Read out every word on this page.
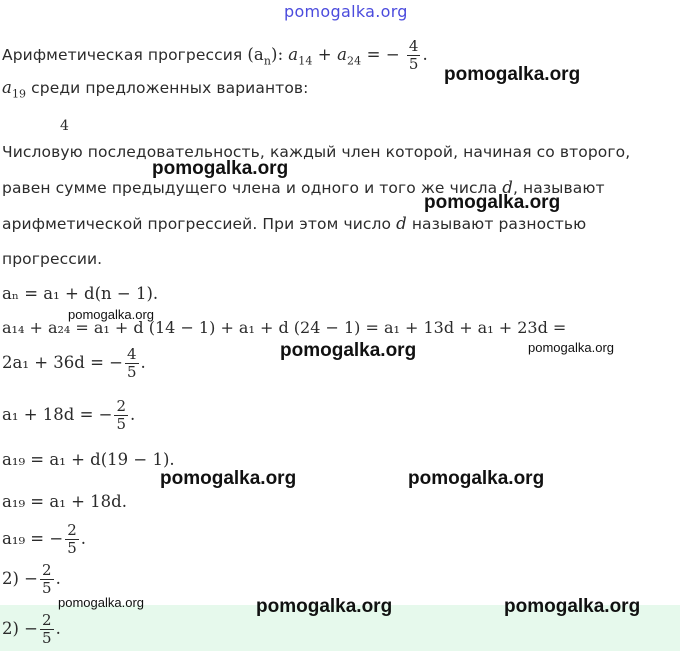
pomogalka.org
Арифметическая прогрессия $(a_n)$: $a_{14} + a_{24}$ = − $\frac{4}{5}$ .
$a_{19}$ среди предложенных вариантов:
4
Числовую последовательность, каждый член которой, начиная со второго,
равен сумме предыдущего члена и одного и того же числа d, называют
арифметической прогрессией. При этом число d называют разностью
прогрессии.
aₙ = a₁ + d(n − 1).
a₁₄ + a₂₄ = a₁ + d (14 − 1) + a₁ + d (24 − 1) = a₁ + 13d + a₁ + 23d =
2a₁ + 36d = − $\frac{4}{5}$ .
a₁ + 18d = − $\frac{2}{5}$ .
a₁₉ = a₁ + d(19 − 1).
a₁₉ = a₁ + 18d.
a₁₉ = − $\frac{2}{5}$ .
$2) - \frac{2}{5}$ .
$2) - \frac{2}{5}$ .
pomogalka.org
pomogalka.org
pomogalka.org
pomogalka.org
pomogalka.org	pomogalka.org
pomogalka.org	pomogalka.org
pomogalka.org	pomogalka.org	pomogalka.org
